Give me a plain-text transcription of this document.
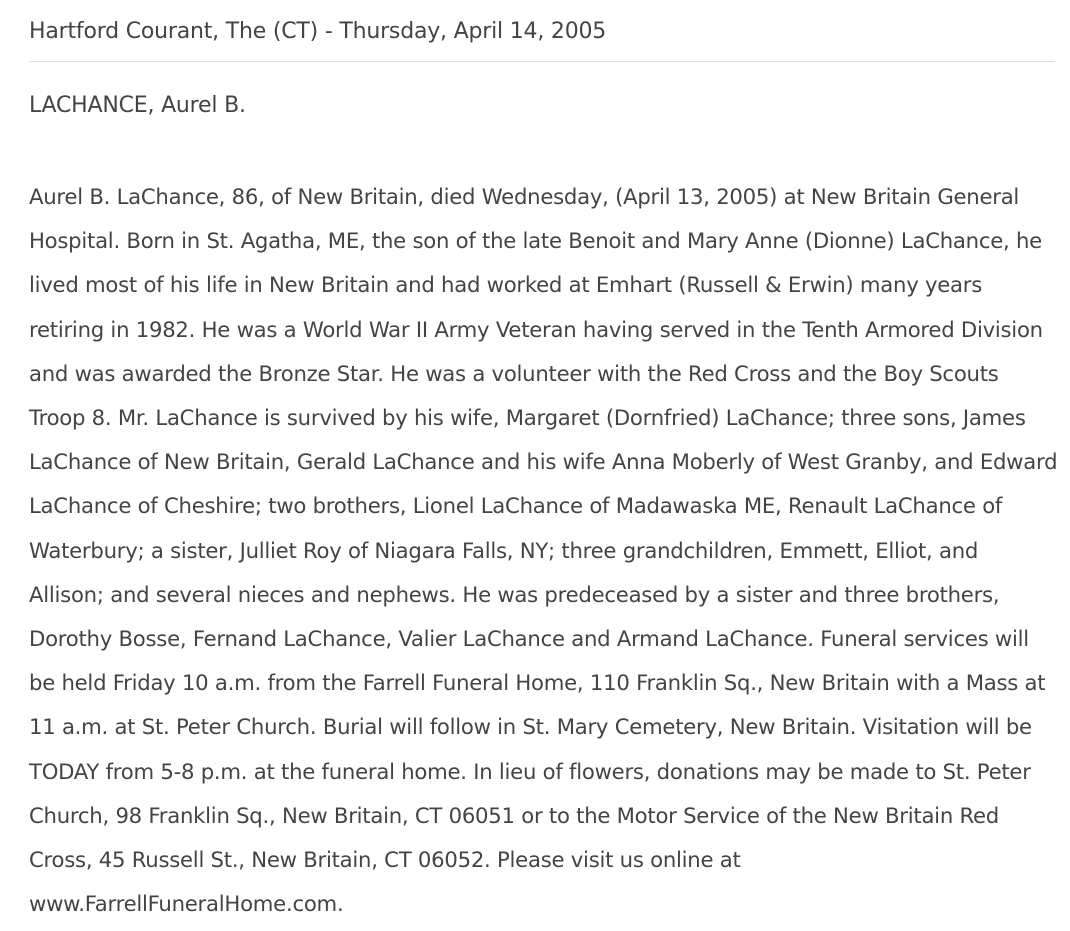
Hartford Courant, The (CT) - Thursday, April 14, 2005

LACHANCE, Aurel B.

Aurel B. LaChance, 86, of New Britain, died Wednesday, (April 13, 2005) at New Britain General Hospital. Born in St. Agatha, ME, the son of the late Benoit and Mary Anne (Dionne) LaChance, he lived most of his life in New Britain and had worked at Emhart (Russell & Erwin) many years retiring in 1982. He was a World War II Army Veteran having served in the Tenth Armored Division and was awarded the Bronze Star. He was a volunteer with the Red Cross and the Boy Scouts Troop 8. Mr. LaChance is survived by his wife, Margaret (Dornfried) LaChance; three sons, James LaChance of New Britain, Gerald LaChance and his wife Anna Moberly of West Granby, and Edward LaChance of Cheshire; two brothers, Lionel LaChance of Madawaska ME, Renault LaChance of Waterbury; a sister, Julliet Roy of Niagara Falls, NY; three grandchildren, Emmett, Elliot, and Allison; and several nieces and nephews. He was predeceased by a sister and three brothers, Dorothy Bosse, Fernand LaChance, Valier LaChance and Armand LaChance. Funeral services will be held Friday 10 a.m. from the Farrell Funeral Home, 110 Franklin Sq., New Britain with a Mass at 11 a.m. at St. Peter Church. Burial will follow in St. Mary Cemetery, New Britain. Visitation will be TODAY from 5-8 p.m. at the funeral home. In lieu of flowers, donations may be made to St. Peter Church, 98 Franklin Sq., New Britain, CT 06051 or to the Motor Service of the New Britain Red Cross, 45 Russell St., New Britain, CT 06052. Please visit us online at www.FarrellFuneralHome.com.
